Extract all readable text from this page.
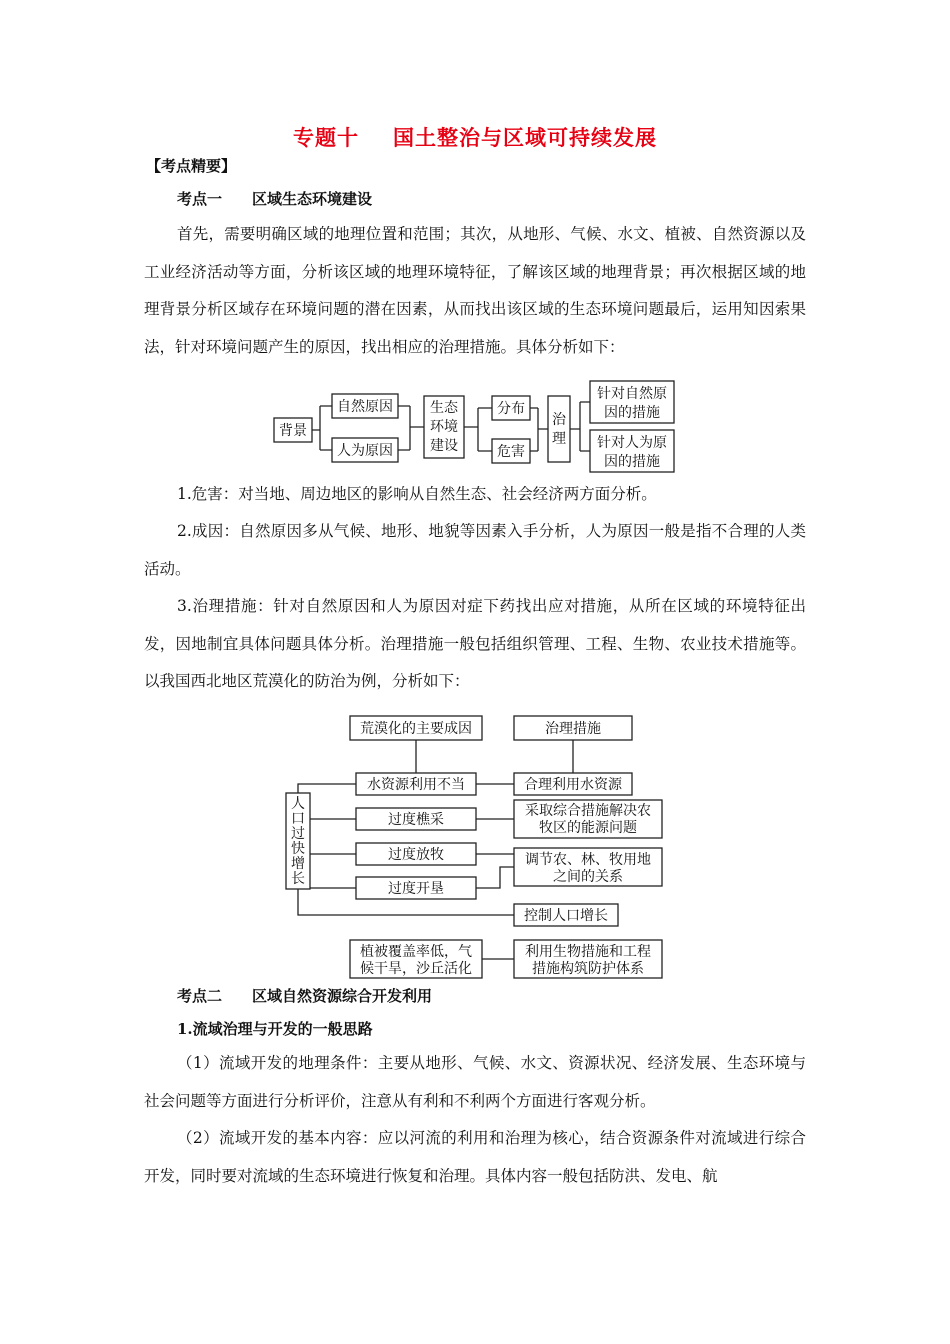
专题十 国土整治与区域可持续发展
【考点精要】
考点一 区域生态环境建设
首先，需要明确区域的地理位置和范围；其次，从地形、气候、水文、植被、自然资源以及工业经济活动等方面，分析该区域的地理环境特征，了解该区域的地理背景；再次根据区域的地理背景分析区域存在环境问题的潜在因素，从而找出该区域的生态环境问题最后，运用知因索果法，针对环境问题产生的原因，找出相应的治理措施。具体分析如下：
背景
自然原因
人为原因
生态
环境
建设
分布
危害
治
理
针对自然原
因的措施
针对人为原
因的措施
1.危害：对当地、周边地区的影响从自然生态、社会经济两方面分析。
2.成因：自然原因多从气候、地形、地貌等因素入手分析，人为原因一般是指不合理的人类活动。
3.治理措施：针对自然原因和人为原因对症下药找出应对措施，从所在区域的环境特征出发，因地制宜具体问题具体分析。治理措施一般包括组织管理、工程、生物、农业技术措施等。以我国西北地区荒漠化的防治为例，分析如下：
荒漠化的主要成因	治理措施
人
口
过
快
增
长
水资源利用不当
过度樵采
过度放牧
过度开垦
合理利用水资源
采取综合措施解决农
牧区的能源问题
调节农、林、牧用地
之间的关系
控制人口增长
植被覆盖率低，气
候干旱，沙丘活化
利用生物措施和工程
措施构筑防护体系
考点二 区域自然资源综合开发利用
1.流域治理与开发的一般思路
（1）流域开发的地理条件：主要从地形、气候、水文、资源状况、经济发展、生态环境与社会问题等方面进行分析评价，注意从有利和不利两个方面进行客观分析。
（2）流域开发的基本内容：应以河流的利用和治理为核心，结合资源条件对流域进行综合开发，同时要对流域的生态环境进行恢复和治理。具体内容一般包括防洪、发电、航
